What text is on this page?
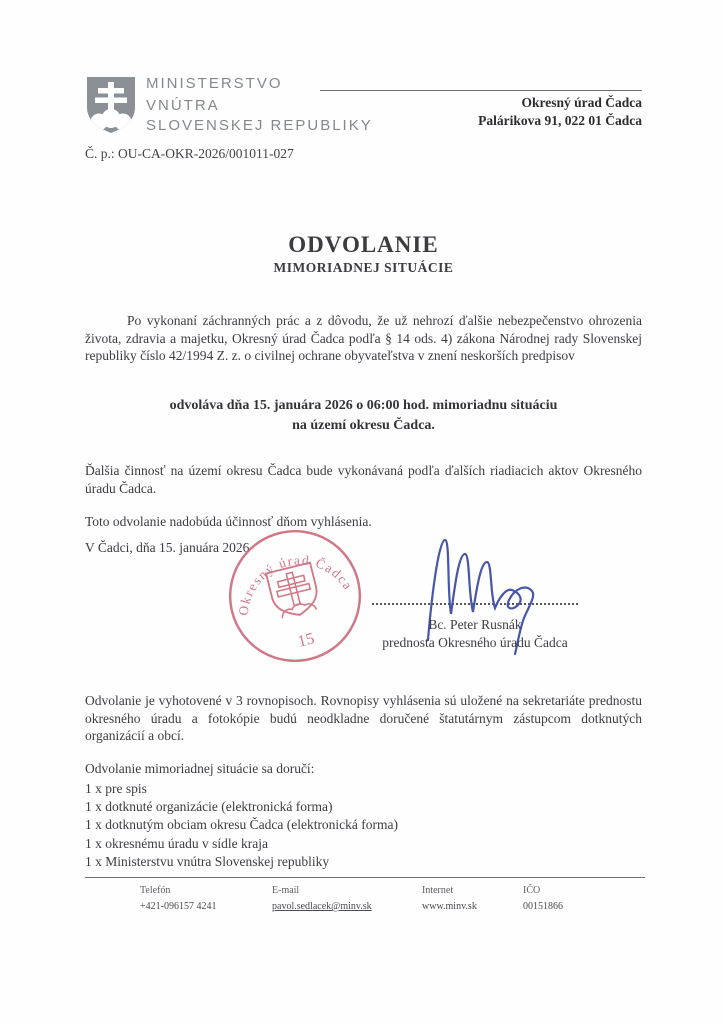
MINISTERSTVO
VNÚTRA
SLOVENSKEJ REPUBLIKY
Okresný úrad Čadca
Palárikova 91, 022 01 Čadca
Č. p.: OU-CA-OKR-2026/001011-027
ODVOLANIE
MIMORIADNEJ SITUÁCIE
Po vykonaní záchranných prác a z dôvodu, že už nehrozí ďalšie nebezpečenstvo ohrozenia života, zdravia a majetku, Okresný úrad Čadca podľa § 14 ods. 4) zákona Národnej rady Slovenskej republiky číslo 42/1994 Z. z. o civilnej ochrane obyvateľstva v znení neskorších predpisov
odvoláva dňa 15. januára 2026 o 06:00 hod. mimoriadnu situáciu
na území okresu Čadca.
Ďalšia činnosť na území okresu Čadca bude vykonávaná podľa ďalších riadiacich aktov Okresného úradu Čadca.
Toto odvolanie nadobúda účinnosť dňom vyhlásenia.
V Čadci, dňa 15. januára 2026
Okresný úrad Čadca
15
Bc. Peter Rusnák
prednosta Okresného úradu Čadca
Odvolanie je vyhotovené v 3 rovnopisoch. Rovnopisy vyhlásenia sú uložené na sekretariáte prednostu okresného úradu a fotokópie budú neodkladne doručené štatutárnym zástupcom dotknutých organizácií a obcí.
Odvolanie mimoriadnej situácie sa doručí:
1 x pre spis
1 x dotknuté organizácie (elektronická forma)
1 x dotknutým obciam okresu Čadca (elektronická forma)
1 x okresnému úradu v sídle kraja
1 x Ministerstvu vnútra Slovenskej republiky
Telefón
+421-096157 4241
E-mail
pavol.sedlacek@minv.sk
Internet
www.minv.sk
IČO
00151866
